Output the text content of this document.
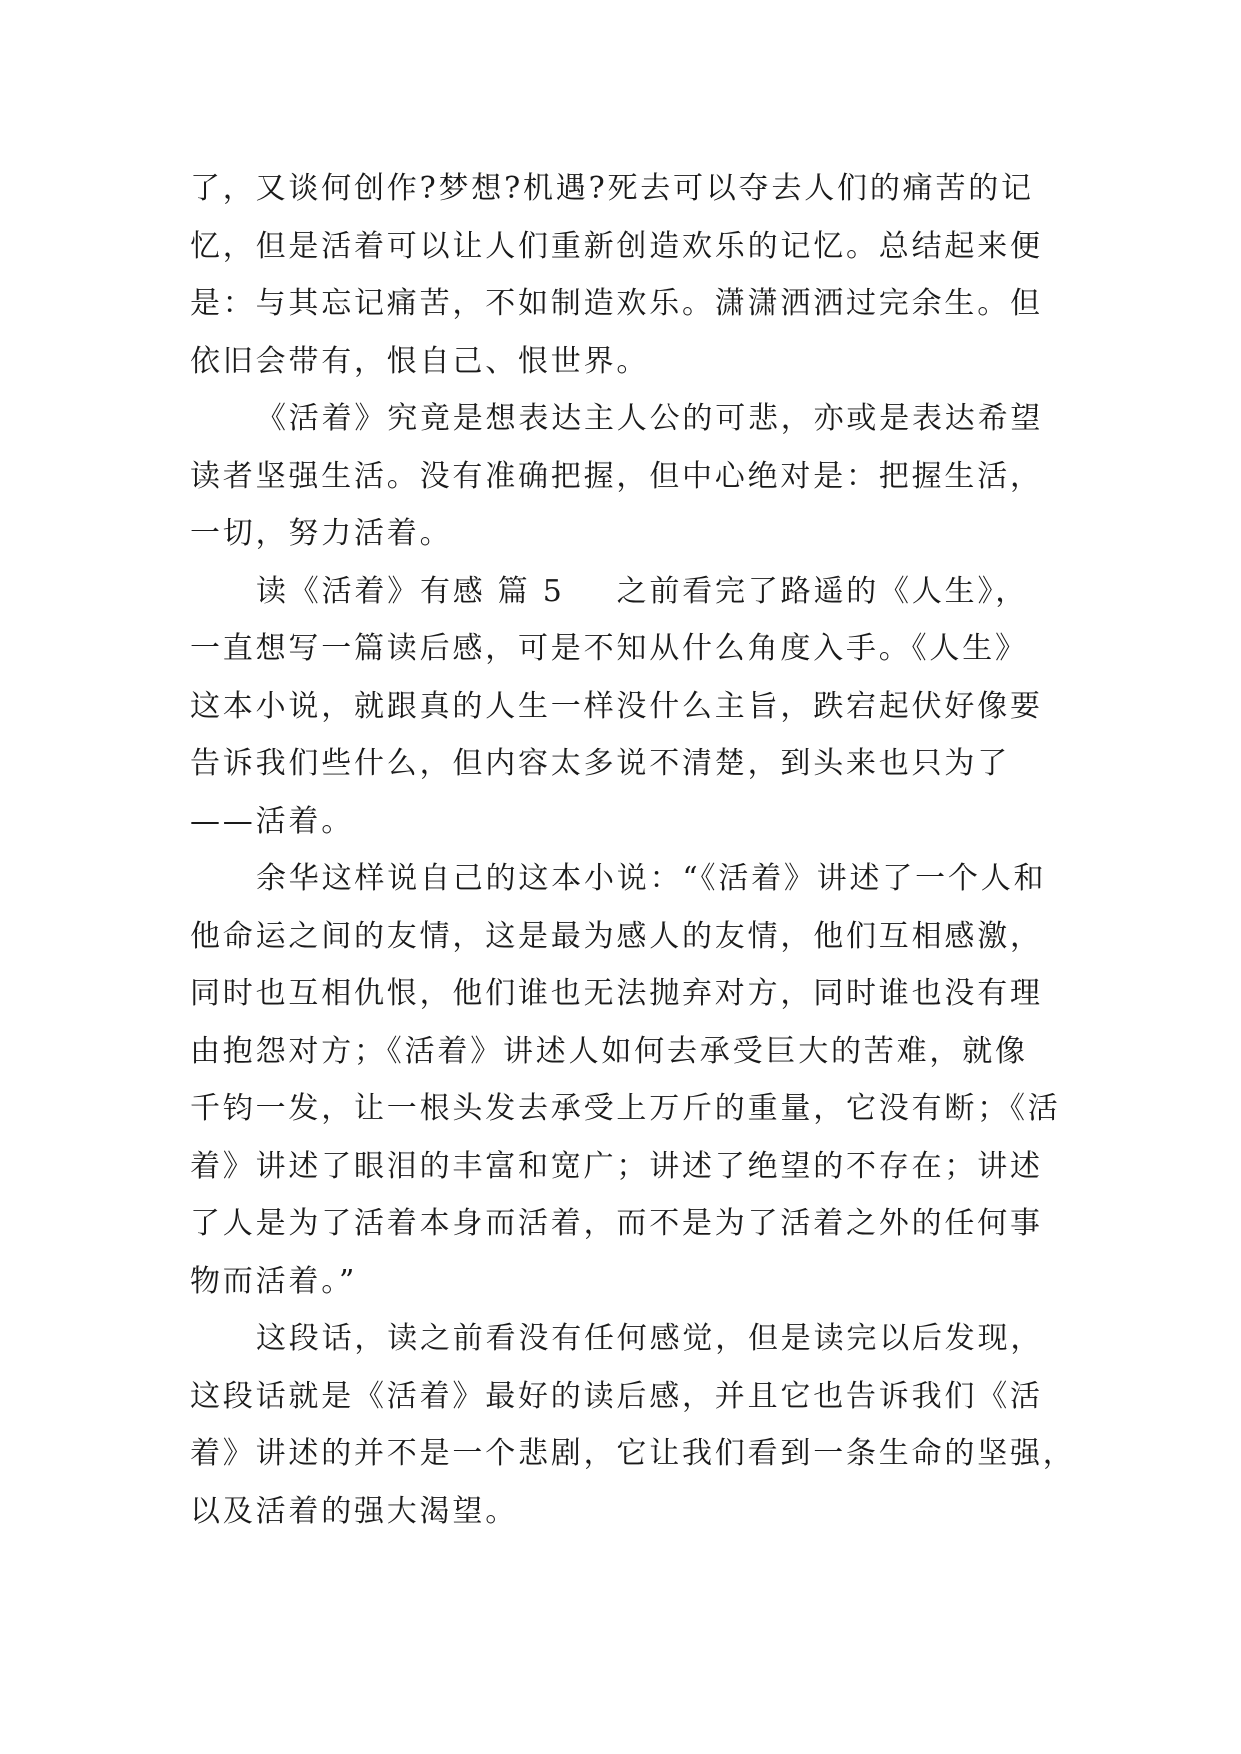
了，又谈何创作?梦想?机遇?死去可以夺去人们的痛苦的记
忆，但是活着可以让人们重新创造欢乐的记忆。总结起来便
是：与其忘记痛苦，不如制造欢乐。潇潇洒洒过完余生。但
依旧会带有，恨自己、恨世界。
《活着》究竟是想表达主人公的可悲，亦或是表达希望
读者坚强生活。没有准确把握，但中心绝对是：把握生活，
一切，努力活着。
读《活着》有感 篇 5 之前看完了路遥的《人生》，
一直想写一篇读后感，可是不知从什么角度入手。《人生》
这本小说，就跟真的人生一样没什么主旨，跌宕起伏好像要
告诉我们些什么，但内容太多说不清楚，到头来也只为了
——活着。
余华这样说自己的这本小说：“《活着》讲述了一个人和
他命运之间的友情，这是最为感人的友情，他们互相感激，
同时也互相仇恨，他们谁也无法抛弃对方，同时谁也没有理
由抱怨对方；《活着》讲述人如何去承受巨大的苦难，就像
千钧一发，让一根头发去承受上万斤的重量，它没有断；《活
着》讲述了眼泪的丰富和宽广；讲述了绝望的不存在；讲述
了人是为了活着本身而活着，而不是为了活着之外的任何事
物而活着。”
这段话，读之前看没有任何感觉，但是读完以后发现，
这段话就是《活着》最好的读后感，并且它也告诉我们《活
着》讲述的并不是一个悲剧，它让我们看到一条生命的坚强，
以及活着的强大渴望。
